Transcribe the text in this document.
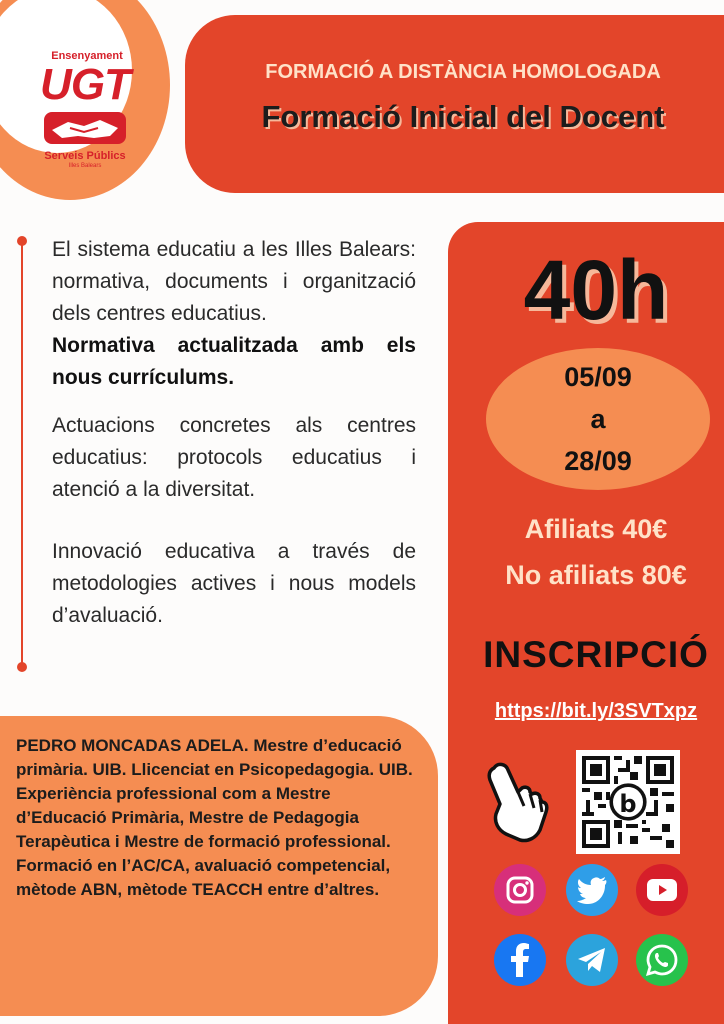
Ensenyament
UGT
Serveis Públics
Illes Balears
FORMACIÓ A DISTÀNCIA HOMOLOGADA
Formació Inicial del Docent

El sistema educatiu a les Illes Balears: normativa, documents i organització dels centres educatius.

Normativa actualitzada amb els nous currículums.

Actuacions concretes als centres educatius: protocols educatius i atenció a la diversitat.

Innovació educativa a través de metodologies actives i nous models d’avaluació.

40h
05/09
a
28/09
Afiliats 40€
No afiliats 80€
INSCRIPCIÓ
https://bit.ly/3SVTxpz
b
PEDRO MONCADAS ADELA. Mestre d’educació primària. UIB. Llicenciat en Psicopedagogia. UIB. Experiència professional com a Mestre d’Educació Primària, Mestre de Pedagogia Terapèutica i Mestre de formació professional. Formació en l’AC/CA, avaluació competencial, mètode ABN, mètode TEACCH entre d’altres.
